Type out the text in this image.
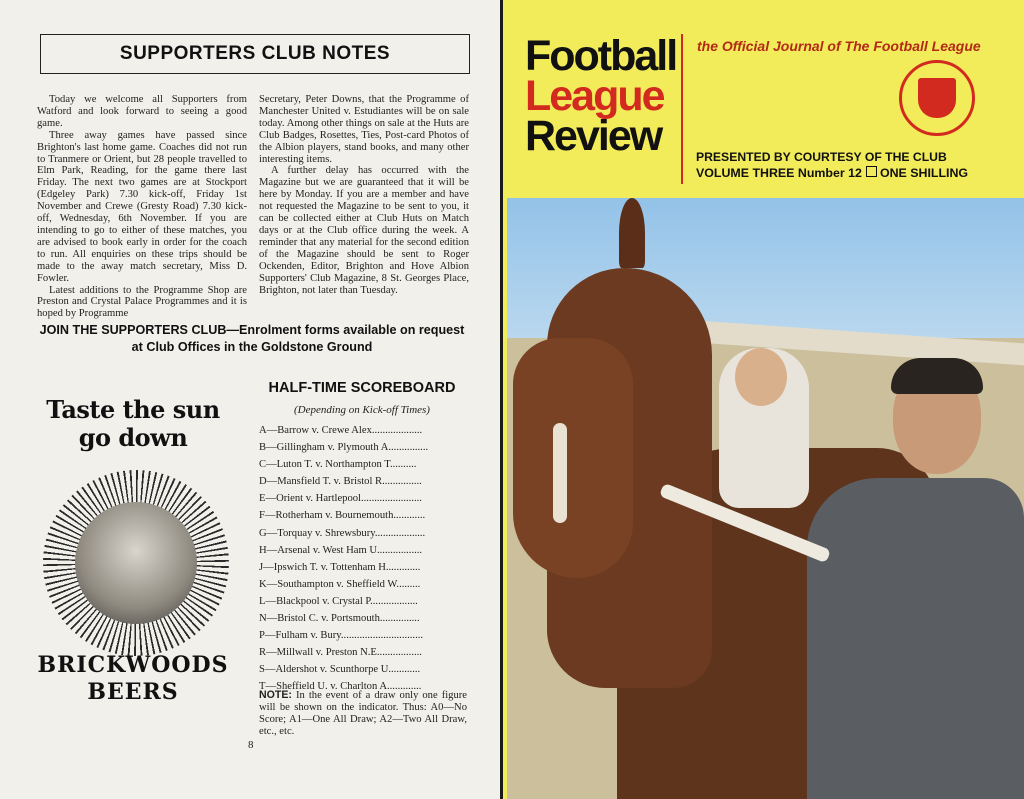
SUPPORTERS CLUB NOTES

Today we welcome all Supporters from Watford and look forward to seeing a good game.

Three away games have passed since Brighton's last home game. Coaches did not run to Tranmere or Orient, but 28 people travelled to Elm Park, Reading, for the game there last Friday. The next two games are at Stockport (Edgeley Park) 7.30 kick-off, Friday 1st November and Crewe (Gresty Road) 7.30 kick-off, Wednesday, 6th November. If you are intending to go to either of these matches, you are advised to book early in order for the coach to run. All enquiries on these trips should be made to the away match secretary, Miss D. Fowler.

Latest additions to the Programme Shop are Preston and Crystal Palace Programmes and it is hoped by Programme

Secretary, Peter Downs, that the Programme of Manchester United v. Estudiantes will be on sale today. Among other things on sale at the Huts are Club Badges, Rosettes, Ties, Post-card Photos of the Albion players, stand books, and many other interesting items.

A further delay has occurred with the Magazine but we are guaranteed that it will be here by Monday. If you are a member and have not requested the Magazine to be sent to you, it can be collected either at Club Huts on Match days or at the Club office during the week. A reminder that any material for the second edition of the Magazine should be sent to Roger Ockenden, Editor, Brighton and Hove Albion Supporters' Club Magazine, 8 St. Georges Place, Brighton, not later than Tuesday.

JOIN THE SUPPORTERS CLUB—Enrolment forms available on request
at Club Offices in the Goldstone Ground
Taste the sun
go down
BRICKWOODS
BEERS
HALF-TIME SCOREBOARD
(Depending on Kick-off Times)
A—Barrow v. Crewe Alex...................
B—Gillingham v. Plymouth A...............
C—Luton T. v. Northampton T..........
D—Mansfield T. v. Bristol R...............
E—Orient v. Hartlepool.......................
F—Rotherham v. Bournemouth............
G—Torquay v. Shrewsbury...................
H—Arsenal v. West Ham U.................
J—Ipswich T. v. Tottenham H.............
K—Southampton v. Sheffield W.........
L—Blackpool v. Crystal P..................
N—Bristol C. v. Portsmouth...............
P—Fulham v. Bury...............................
R—Millwall v. Preston N.E.................
S—Aldershot v. Scunthorpe U............
T—Sheffield U. v. Charlton A.............
NOTE: In the event of a draw only one figure will be shown on the indicator. Thus: A0—No Score; A1—One All Draw; A2—Two All Draw, etc., etc.
8
Football
League
Review
the Official Journal of The Football League
PRESENTED BY COURTESY OF THE CLUB
VOLUME THREE Number 12 ONE SHILLING
